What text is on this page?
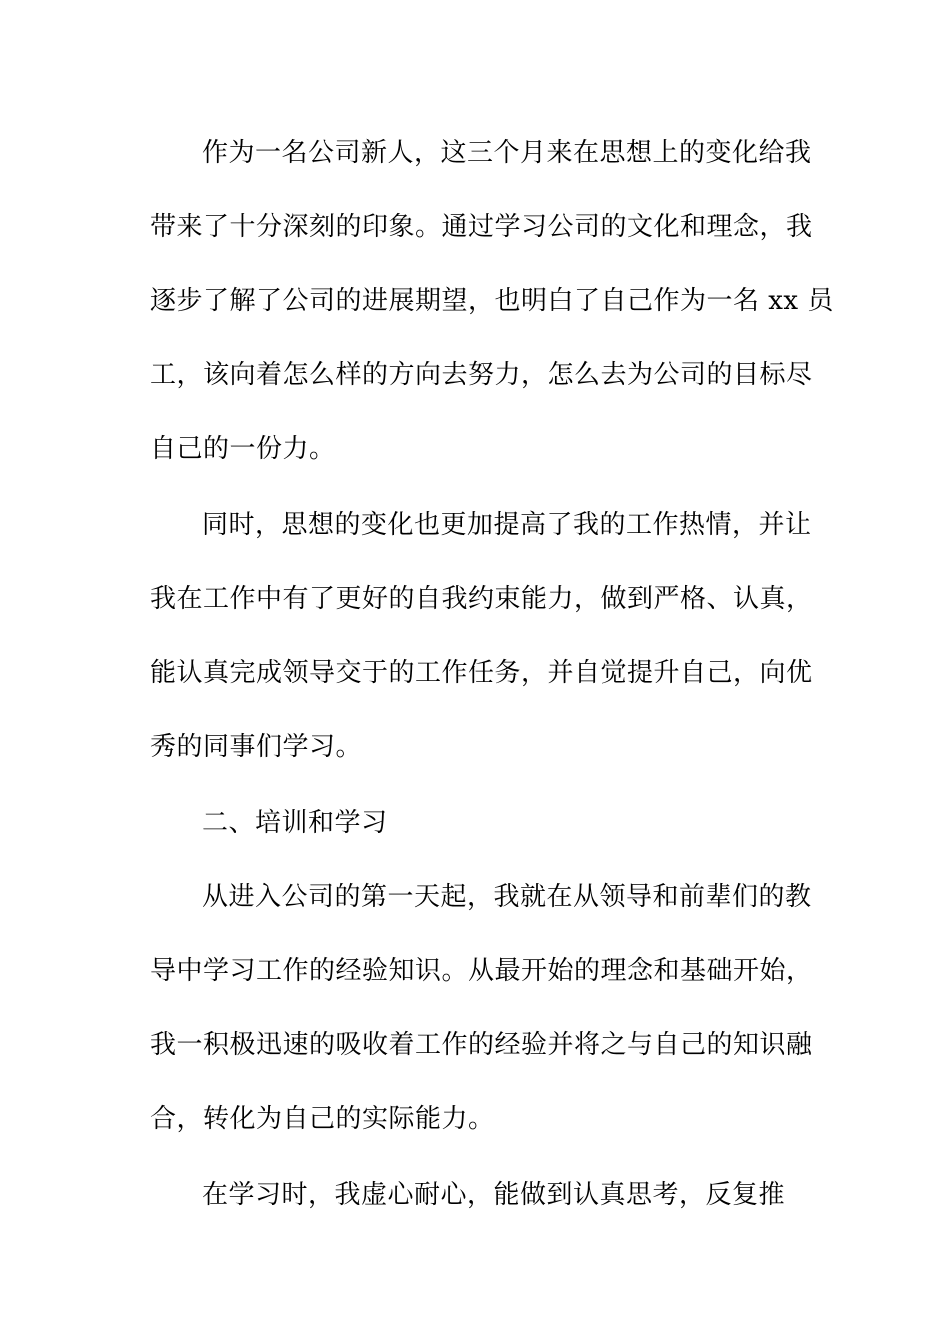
作为一名公司新人，这三个月来在思想上的变化给我
带来了十分深刻的印象。通过学习公司的文化和理念，我
逐步了解了公司的进展期望，也明白了自己作为一名 xx 员
工，该向着怎么样的方向去努力，怎么去为公司的目标尽
自己的一份力。
同时，思想的变化也更加提高了我的工作热情，并让
我在工作中有了更好的自我约束能力，做到严格、认真，
能认真完成领导交于的工作任务，并自觉提升自己，向优
秀的同事们学习。
二、培训和学习
从进入公司的第一天起，我就在从领导和前辈们的教
导中学习工作的经验知识。从最开始的理念和基础开始，
我一积极迅速的吸收着工作的经验并将之与自己的知识融
合，转化为自己的实际能力。
在学习时，我虚心耐心，能做到认真思考，反复推
